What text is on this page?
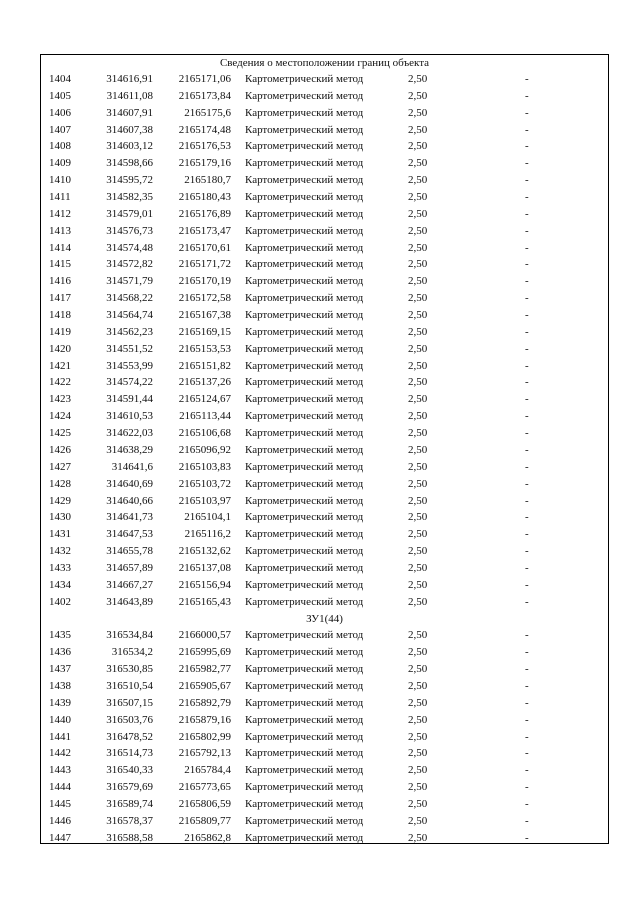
Сведения о местоположении границ объекта
1404	314616,91	2165171,06 Картометрический метод	2,50	-
1405	314611,08	2165173,84 Картометрический метод	2,50	-
1406	314607,91	2165175,6 Картометрический метод	2,50	-
1407	314607,38	2165174,48 Картометрический метод	2,50	-
1408	314603,12	2165176,53 Картометрический метод	2,50	-
1409	314598,66	2165179,16 Картометрический метод	2,50	-
1410	314595,72	2165180,7 Картометрический метод	2,50	-
1411	314582,35	2165180,43 Картометрический метод	2,50	-
1412	314579,01	2165176,89 Картометрический метод	2,50	-
1413	314576,73	2165173,47 Картометрический метод	2,50	-
1414	314574,48	2165170,61 Картометрический метод	2,50	-
1415	314572,82	2165171,72 Картометрический метод	2,50	-
1416	314571,79	2165170,19 Картометрический метод	2,50	-
1417	314568,22	2165172,58 Картометрический метод	2,50	-
1418	314564,74	2165167,38 Картометрический метод	2,50	-
1419	314562,23	2165169,15 Картометрический метод	2,50	-
1420	314551,52	2165153,53 Картометрический метод	2,50	-
1421	314553,99	2165151,82 Картометрический метод	2,50	-
1422	314574,22	2165137,26 Картометрический метод	2,50	-
1423	314591,44	2165124,67 Картометрический метод	2,50	-
1424	314610,53	2165113,44 Картометрический метод	2,50	-
1425	314622,03	2165106,68 Картометрический метод	2,50	-
1426	314638,29	2165096,92 Картометрический метод	2,50	-
1427	314641,6	2165103,83 Картометрический метод	2,50	-
1428	314640,69	2165103,72 Картометрический метод	2,50	-
1429	314640,66	2165103,97 Картометрический метод	2,50	-
1430	314641,73	2165104,1 Картометрический метод	2,50	-
1431	314647,53	2165116,2 Картометрический метод	2,50	-
1432	314655,78	2165132,62 Картометрический метод	2,50	-
1433	314657,89	2165137,08 Картометрический метод	2,50	-
1434	314667,27	2165156,94 Картометрический метод	2,50	-
1402	314643,89	2165165,43 Картометрический метод	2,50	-
ЗУ1(44)
1435	316534,84	2166000,57 Картометрический метод	2,50	-
1436	316534,2	2165995,69 Картометрический метод	2,50	-
1437	316530,85	2165982,77 Картометрический метод	2,50	-
1438	316510,54	2165905,67 Картометрический метод	2,50	-
1439	316507,15	2165892,79 Картометрический метод	2,50	-
1440	316503,76	2165879,16 Картометрический метод	2,50	-
1441	316478,52	2165802,99 Картометрический метод	2,50	-
1442	316514,73	2165792,13 Картометрический метод	2,50	-
1443	316540,33	2165784,4 Картометрический метод	2,50	-
1444	316579,69	2165773,65 Картометрический метод	2,50	-
1445	316589,74	2165806,59 Картометрический метод	2,50	-
1446	316578,37	2165809,77 Картометрический метод	2,50	-
1447	316588,58	2165862,8 Картометрический метод	2,50	-
